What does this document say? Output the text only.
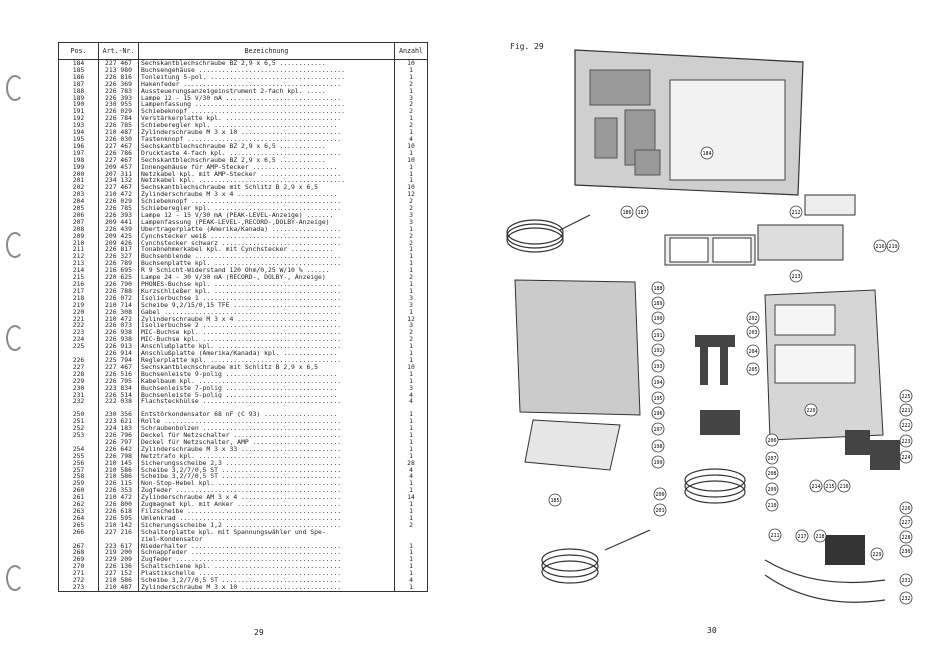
Pos.	Art.-Nr.	Bezeichnung	Anzahl
184	227 467	Sechskantblechschraube BZ 2,9 x 6,5 ............	10
185	213 980	Buchsengehäuse ......................................	1
186	226 816	Tonleitung 5-pol. ...................................	1
187	226 369	Hakenfeder .........................................	2
188	226 783	Aussteuerungsanzeigeinstrument 2-fach kpl. .....	1
189	226 393	Lampe 12 - 15 V/30 mA ..............................	3
190	230 955	Lampenfassung .......................................	2
191	226 029	Schiebeknopf ........................................	2
192	226 784	Verstärkerplatte kpl. ..............................	1
193	226 785	Schieberegler kpl. ................................	2
194	210 487	Zylinderschraube M 3 x 10 ..........................	1
195	226 030	Tastenknopf ........................................	4
196	227 467	Sechskantblechschraube BZ 2,9 x 6,5 ............	10
197	226 786	Drucktaste 4-fach kpl. .............................	1
198	227 467	Sechskantblechschraube BZ 2,9 x 6,5 ............	10
199	209 457	Innengehäuse für AMP-Stecker ......................	1
200	207 311	Netzkabel kpl. mit AMP-Stecker .....................	1
201	234 132	Netzkabel kpl. ......................................	1
202	227 467	Sechskantblechschraube mit Schlitz B 2,9 x 6,5	10
203	210 472	Zylinderschraube M 3 x 4 ..........................	12
204	226 029	Schiebeknopf .......................................	2
205	226 785	Schieberegler kpl. .................................	2
206	226 393	Lampe 12 - 15 V/30 mA (PEAK-LEVEL-Anzeige) .......	3
207	209 441	Lampenfassung (PEAK-LEVEL-,RECORD-,DOLBY-Anzeige)	3
208	226 439	Übertragerplatte (Amerika/Kanada) ..................	1
209	209 425	Cynchstecker weiß ..................................	2
210	209 426	Cynchstecker schwarz ...............................	2
211	226 817	Tonabnehmerkabel kpl. mit Cynchstecker ...........	1
212	226 327	Buchsenblende ......................................	1
213	226 789	Buchsenplatte kpl. .................................	1
214	216 695	R 9 Schicht-Widerstand 120 Ohm/0,25 W/10 % ......	1
215	220 625	Lampe 24 - 30 V/30 mA (RECORD-, DOLBY-, Anzeige)	2
216	226 790	PHONES-Buchse kpl. .................................	1
217	226 788	Kurzschließer kpl. .................................	1
218	226 072	Isolierbuchse 1 ....................................	3
219	210 714	Scheibe 9,2/15/0,15 TFE ............................	3
220	226 308	Gabel ..............................................	1
221	210 472	Zylinderschraube M 3 x 4 ..........................	12
222	226 073	Isolierbuchse 2 ....................................	3
223	226 938	MIC-Buchse kpl. ....................................	2
224	226 938	MIC-Buchse kpl. ....................................	2
225	226 913	Anschlußplatte kpl. ................................	1
	226 914	Anschlußplatte (Amerika/Kanada) kpl. ..............	1
226	225 794	Reglerplatte kpl. ..................................	1
227	227 467	Sechskantblechschraube mit Schlitz B 2,9 x 6,5	10
228	226 516	Buchsenleiste 9-polig .............................	1
229	226 795	Kabelbaum kpl. .....................................	1
230	223 834	Buchsenleiste 7-polig .............................	3
231	226 514	Buchsenleiste 5-polig .............................	4
232	222 038	Flachsteckhülse ....................................	4

250	230 356	Entstörkondensator 68 nF (C 93) ...................	1
251	223 621	Rolle ..............................................	1
252	224 183	Schraubenbolzen ....................................	1
253	226 796	Deckel für Netzschalter ............................	1
	226 797	Deckel für Netzschalter, AMP .......................	1
254	226 642	Zylinderschraube M 3 x 33 ..........................	1
255	226 798	Netztrafo kpl. .....................................	1
256	210 145	Sicherungsscheibe 2,3 ..............................	28
257	210 586	Scheibe 3,2/7/0,5 ST ...............................	4
258	210 586	Scheibe 3,2/7/0,5 ST ...............................	4
259	226 115	Non-Stop-Hebel kpl. ................................	1
260	226 353	Zugfeder ...........................................	1
261	210 472	Zylinderschraube AM 3 x 4 ..........................	14
262	226 800	Zugmagnet kpl. mit Anker ...........................	1
263	226 618	Filzscheibe ........................................	1
264	226 595	Umlenkrad ..........................................	1
265	210 142	Sicherungsscheibe 1,2 ..............................	2
266	227 216	Schalterplatte kpl. mit Spannungswähler und Spe-	
		ziel-Kondensator	
267	223 617	Niederhalter .......................................	1
268	219 200	Schnappfeder .......................................	1
269	229 209	Zugfeder ...........................................	1
270	226 136	Schaltschiene kpl. .................................	1
271	227 152	Plastikschelle .....................................	1
272	210 586	Scheibe 3,2/7/0,5 ST ...............................	4
273	210 487	Zylinderschraube M 3 x 10 ..........................	1
29
Fig. 29
184
185
186 187
188
189
190
191
192
193
194
195
196
197
198
199
200
201
202
203
204
205
206
207
208
209
210
211
212
213
214 215 216
217 218
219
220	221
222
223
224
225
226
227
228
229	230
231
232
216
30
